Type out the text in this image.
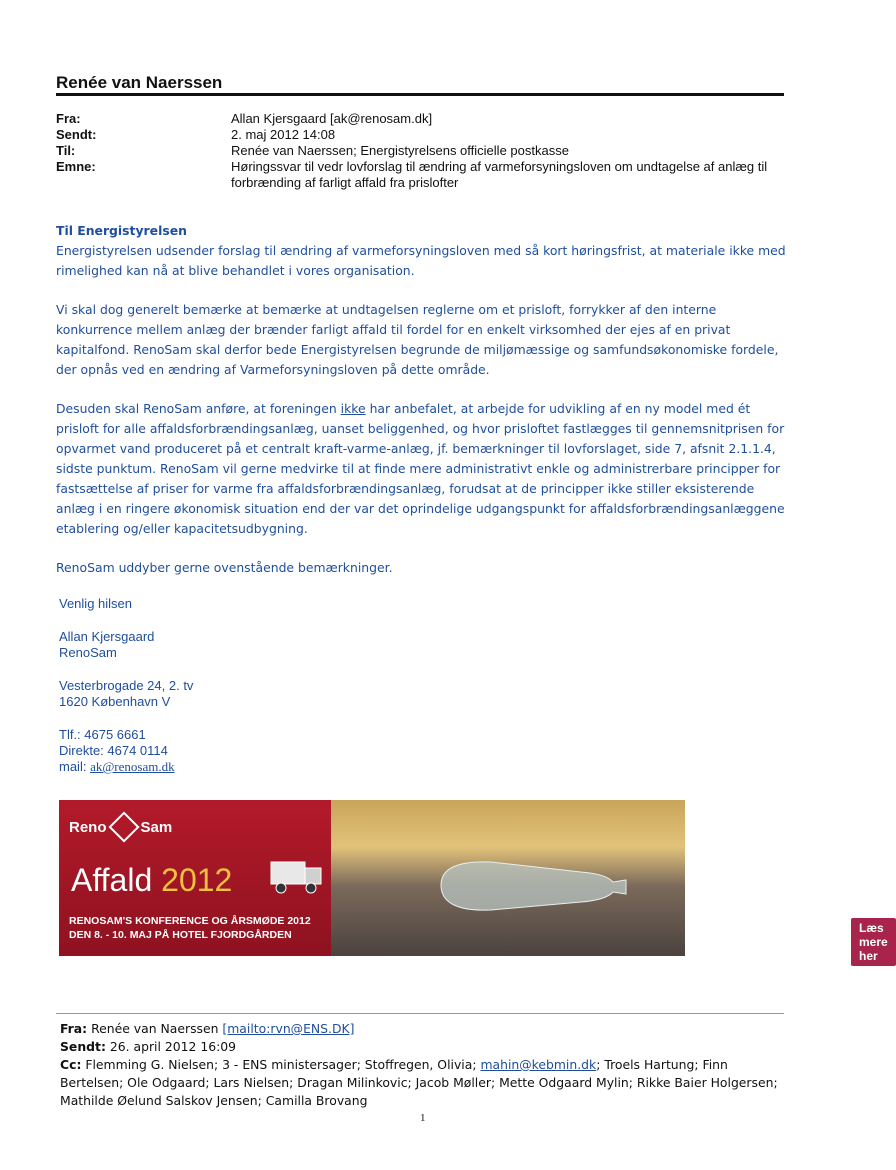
Renée van Naerssen
Fra:	Allan Kjersgaard [ak@renosam.dk]
Sendt:	2. maj 2012 14:08
Til:	Renée van Naerssen; Energistyrelsens officielle postkasse
Emne:	Høringssvar til vedr lovforslag til ændring af varmeforsyningsloven om undtagelse af anlæg til forbrænding af farligt affald fra prislofter

Til Energistyrelsen

Energistyrelsen udsender forslag til ændring af varmeforsyningsloven med så kort høringsfrist, at materiale ikke med rimelighed kan nå at blive behandlet i vores organisation.

Vi skal dog generelt bemærke at bemærke at undtagelsen reglerne om et prisloft, forrykker af den interne konkurrence mellem anlæg der brænder farligt affald til fordel for en enkelt virksomhed der ejes af en privat kapitalfond. RenoSam skal derfor bede Energistyrelsen begrunde de miljømæssige og samfundsøkonomiske fordele, der opnås ved en ændring af Varmeforsyningsloven på dette område.

Desuden skal RenoSam anføre, at foreningen ikke har anbefalet, at arbejde for udvikling af en ny model med ét prisloft for alle affaldsforbrændingsanlæg, uanset beliggenhed, og hvor prisloftet fastlægges til gennemsnitprisen for opvarmet vand produceret på et centralt kraft-varme-anlæg, jf. bemærkninger til lovforslaget, side 7, afsnit 2.1.1.4, sidste punktum. RenoSam vil gerne medvirke til at finde mere administrativt enkle og administrerbare principper for fastsættelse af priser for varme fra affaldsforbrændingsanlæg, forudsat at de principper ikke stiller eksisterende anlæg i en ringere økonomisk situation end der var det oprindelige udgangspunkt for affaldsforbrændingsanlæggene etablering og/eller kapacitetsudbygning.

RenoSam uddyber gerne ovenstående bemærkninger.

Venlig hilsen
Allan Kjersgaard
RenoSam
Vesterbrogade 24, 2. tv
1620 København V
Tlf.: 4675 6661
Direkte: 4674 0114
mail: ak@renosam.dk
Reno Sam
Affald 2012
RENOSAM'S KONFERENCE OG ÅRSMØDE 2012
DEN 8. - 10. MAJ PÅ HOTEL FJORDGÅRDEN	Læs mere her
Fra: Renée van Naerssen [mailto:rvn@ENS.DK]
Sendt: 26. april 2012 16:09
Cc: Flemming G. Nielsen; 3 - ENS ministersager; Stoffregen, Olivia; mahin@kebmin.dk; Troels Hartung; Finn Bertelsen; Ole Odgaard; Lars Nielsen; Dragan Milinkovic; Jacob Møller; Mette Odgaard Mylin; Rikke Baier Holgersen; Mathilde Øelund Salskov Jensen; Camilla Brovang
1
